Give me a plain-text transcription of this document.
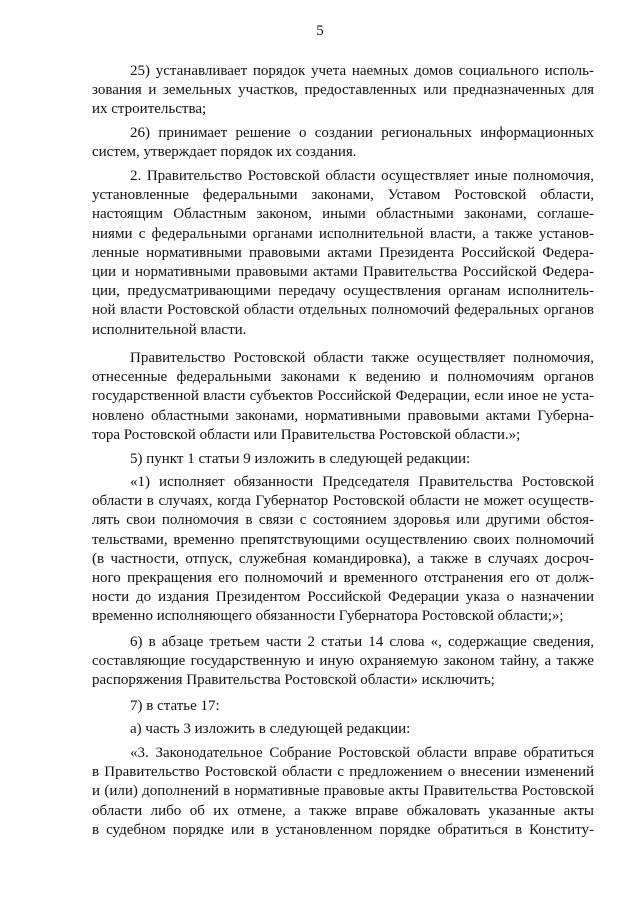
5
25) устанавливает порядок учета наемных домов социального исполь-
зования и земельных участков, предоставленных или предназначенных для
их строительства;
26) принимает решение о создании региональных информационных
систем, утверждает порядок их создания.
2. Правительство Ростовской области осуществляет иные полномочия,
установленные федеральными законами, Уставом Ростовской области,
настоящим Областным законом, иными областными законами, соглаше-
ниями с федеральными органами исполнительной власти, а также установ-
ленные нормативными правовыми актами Президента Российской Федера-
ции и нормативными правовыми актами Правительства Российской Федера-
ции, предусматривающими передачу осуществления органам исполнитель-
ной власти Ростовской области отдельных полномочий федеральных органов
исполнительной власти.
Правительство Ростовской области также осуществляет полномочия,
отнесенные федеральными законами к ведению и полномочиям органов
государственной власти субъектов Российской Федерации, если иное не уста-
новлено областными законами, нормативными правовыми актами Губерна-
тора Ростовской области или Правительства Ростовской области.»;
5) пункт 1 статьи 9 изложить в следующей редакции:
«1) исполняет обязанности Председателя Правительства Ростовской
области в случаях, когда Губернатор Ростовской области не может осуществ-
лять свои полномочия в связи с состоянием здоровья или другими обстоя-
тельствами, временно препятствующими осуществлению своих полномочий
(в частности, отпуск, служебная командировка), а также в случаях досроч-
ного прекращения его полномочий и временного отстранения его от долж-
ности до издания Президентом Российской Федерации указа о назначении
временно исполняющего обязанности Губернатора Ростовской области;»;
6) в абзаце третьем части 2 статьи 14 слова «, содержащие сведения,
составляющие государственную и иную охраняемую законом тайну, а также
распоряжения Правительства Ростовской области» исключить;
7) в статье 17:
а) часть 3 изложить в следующей редакции:
«3. Законодательное Собрание Ростовской области вправе обратиться
в Правительство Ростовской области с предложением о внесении изменений
и (или) дополнений в нормативные правовые акты Правительства Ростовской
области либо об их отмене, а также вправе обжаловать указанные акты
в судебном порядке или в установленном порядке обратиться в Конститу-
